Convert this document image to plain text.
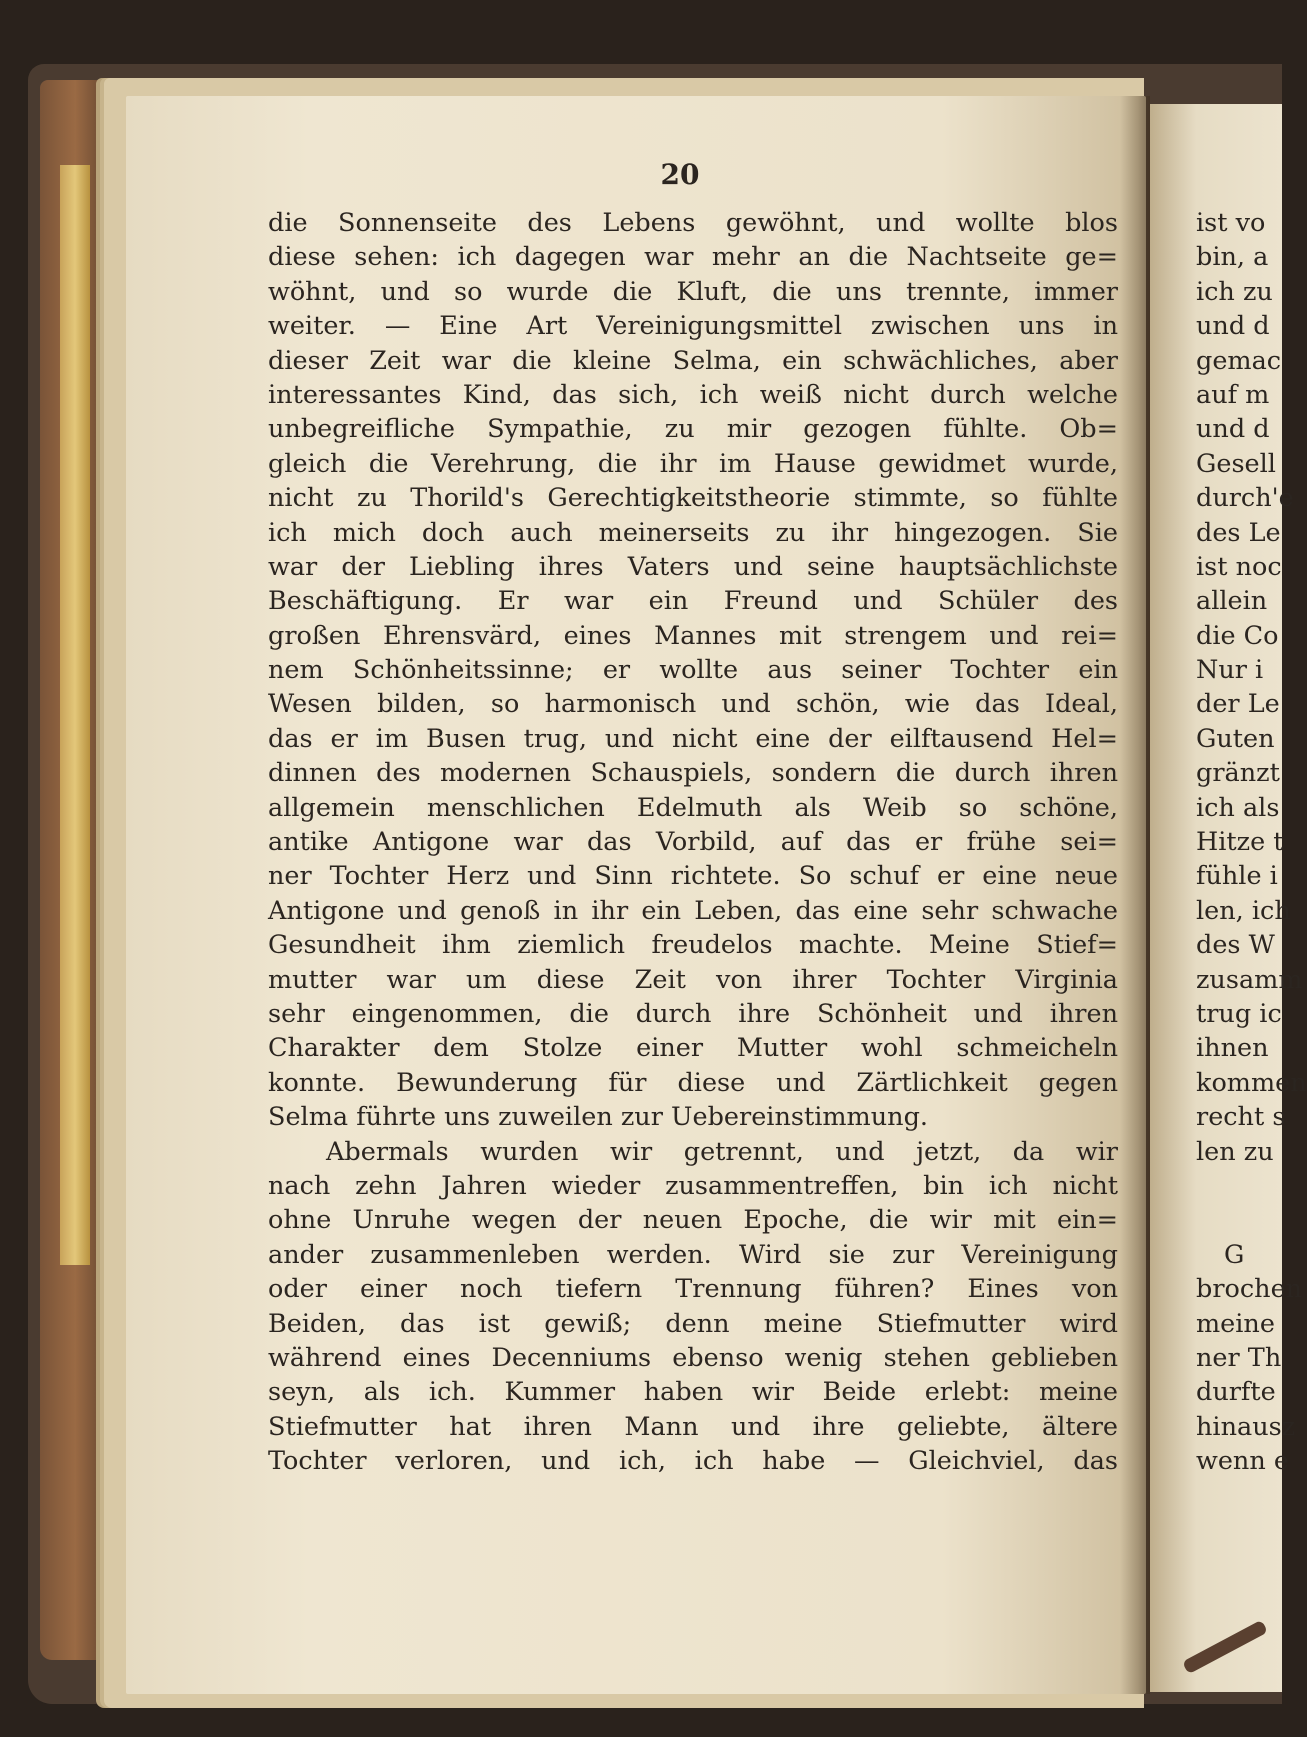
20
die Sonnenseite des Lebens gewöhnt, und wollte blos
diese sehen: ich dagegen war mehr an die Nachtseite ge=
wöhnt, und so wurde die Kluft, die uns trennte, immer
weiter. — Eine Art Vereinigungsmittel zwischen uns in
dieser Zeit war die kleine Selma, ein schwächliches, aber
interessantes Kind, das sich, ich weiß nicht durch welche
unbegreifliche Sympathie, zu mir gezogen fühlte. Ob=
gleich die Verehrung, die ihr im Hause gewidmet wurde,
nicht zu Thorild's Gerechtigkeitstheorie stimmte, so fühlte
ich mich doch auch meinerseits zu ihr hingezogen. Sie
war der Liebling ihres Vaters und seine hauptsächlichste
Beschäftigung. Er war ein Freund und Schüler des
großen Ehrensvärd, eines Mannes mit strengem und rei=
nem Schönheitssinne; er wollte aus seiner Tochter ein
Wesen bilden, so harmonisch und schön, wie das Ideal,
das er im Busen trug, und nicht eine der eilftausend Hel=
dinnen des modernen Schauspiels, sondern die durch ihren
allgemein menschlichen Edelmuth als Weib so schöne,
antike Antigone war das Vorbild, auf das er frühe sei=
ner Tochter Herz und Sinn richtete. So schuf er eine neue
Antigone und genoß in ihr ein Leben, das eine sehr schwache
Gesundheit ihm ziemlich freudelos machte. Meine Stief=
mutter war um diese Zeit von ihrer Tochter Virginia
sehr eingenommen, die durch ihre Schönheit und ihren
Charakter dem Stolze einer Mutter wohl schmeicheln
konnte. Bewunderung für diese und Zärtlichkeit gegen
Selma führte uns zuweilen zur Uebereinstimmung.
Abermals wurden wir getrennt, und jetzt, da wir
nach zehn Jahren wieder zusammentreffen, bin ich nicht
ohne Unruhe wegen der neuen Epoche, die wir mit ein=
ander zusammenleben werden. Wird sie zur Vereinigung
oder einer noch tiefern Trennung führen? Eines von
Beiden, das ist gewiß; denn meine Stiefmutter wird
während eines Decenniums ebenso wenig stehen geblieben
seyn, als ich. Kummer haben wir Beide erlebt: meine
Stiefmutter hat ihren Mann und ihre geliebte, ältere
Tochter verloren, und ich, ich habe — Gleichviel, das
ist vo
bin, a
ich zu
und d
gemac
auf m
und d
Gesell
durch'e
des Le
ist noc
allein
die Co
Nur i
der Le
Guten
gränzt
ich als
Hitze t
fühle i
len, ich
des W
zusamm
trug ic
ihnen
kommen
recht s
len zu
G
brochen
meine
ner Th
durfte
hinausz
wenn e
